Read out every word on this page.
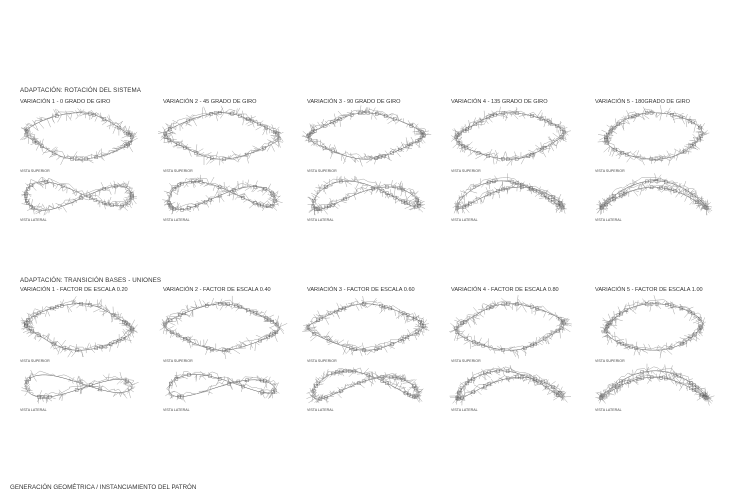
ADAPTACIÓN: ROTACIÓN DEL SISTEMA
VARIACIÓN 1 - 0 GRADO DE GIRO	VARIACIÓN 2 - 45 GRADO DE GIRO	VARIACIÓN 3 - 90 GRADO DE GIRO	VARIACIÓN 4 - 135 GRADO DE GIRO	VARIACIÓN 5 - 180GRADO DE GIRO
VISTA SUPERIOR	VISTA SUPERIOR	VISTA SUPERIOR	VISTA SUPERIOR	VISTA SUPERIOR
VISTA LATERAL	VISTA LATERAL	VISTA LATERAL	VISTA LATERAL	VISTA LATERAL
ADAPTACIÓN: TRANSICIÓN BASES - UNIONES
VARIACIÓN 1 - FACTOR DE ESCALA 0.20	VARIACIÓN 2 - FACTOR DE ESCALA 0.40	VARIACIÓN 3 - FACTOR DE ESCALA 0.60	VARIACIÓN 4 - FACTOR DE ESCALA 0.80	VARIACIÓN 5 - FACTOR DE ESCALA 1.00
VISTA SUPERIOR	VISTA SUPERIOR	VISTA SUPERIOR	VISTA SUPERIOR	VISTA SUPERIOR
VISTA LATERAL	VISTA LATERAL	VISTA LATERAL	VISTA LATERAL	VISTA LATERAL
GENERACIÓN GEOMÉTRICA / INSTANCIAMIENTO DEL PATRÓN
